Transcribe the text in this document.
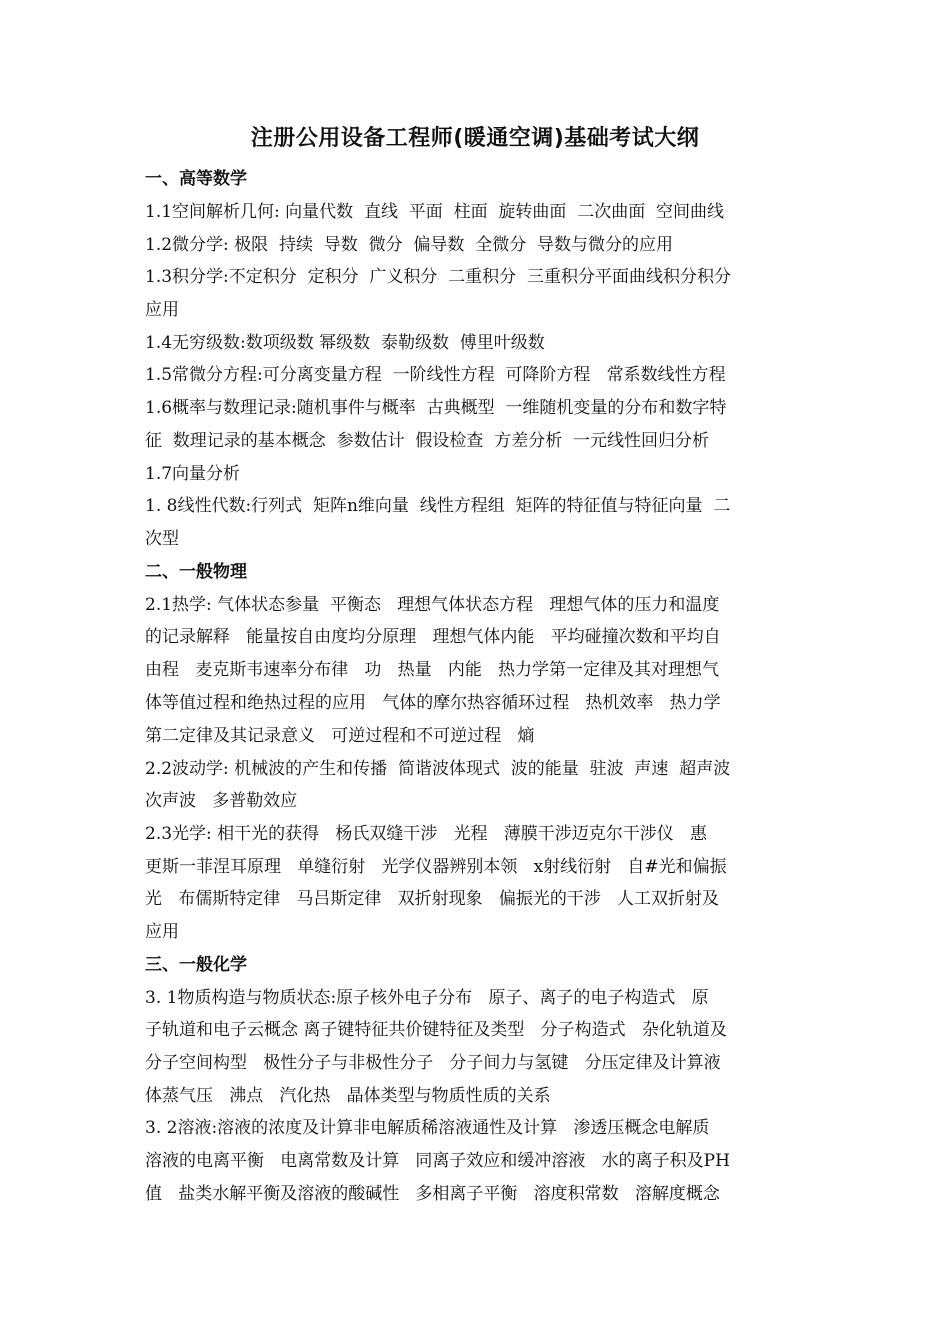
注册公用设备工程师(暖通空调)基础考试大纲

一、高等数学

1.1空间解析几何: 向量代数  直线  平面  柱面  旋转曲面  二次曲面  空间曲线

1.2微分学: 极限  持续  导数  微分  偏导数  全微分  导数与微分的应用

1.3积分学:不定积分  定积分  广义积分  二重积分  三重积分平面曲线积分积分

应用

1.4无穷级数:数项级数 幂级数  泰勒级数  傅里叶级数

1.5常微分方程:可分离变量方程  一阶线性方程  可降阶方程   常系数线性方程

1.6概率与数理记录:随机事件与概率  古典概型  一维随机变量的分布和数字特

征  数理记录的基本概念  参数估计  假设检查  方差分析  一元线性回归分析

1.7向量分析

1. 8线性代数:行列式  矩阵n维向量  线性方程组  矩阵的特征值与特征向量  二

次型

二、一般物理

2.1热学: 气体状态参量  平衡态   理想气体状态方程   理想气体的压力和温度

的记录解释   能量按自由度均分原理   理想气体内能   平均碰撞次数和平均自

由程   麦克斯韦速率分布律   功   热量   内能   热力学第一定律及其对理想气

体等值过程和绝热过程的应用   气体的摩尔热容循环过程   热机效率   热力学

第二定律及其记录意义   可逆过程和不可逆过程   熵

2.2波动学: 机械波的产生和传播  简谐波体现式  波的能量  驻波  声速  超声波

次声波   多普勒效应

2.3光学: 相干光的获得   杨氏双缝干涉   光程   薄膜干涉迈克尔干涉仪   惠

更斯一菲涅耳原理   单缝衍射   光学仪器辨别本领   x射线衍射   自#光和偏振

光   布儒斯特定律   马吕斯定律   双折射现象   偏振光的干涉   人工双折射及

应用

三、一般化学

3. 1物质构造与物质状态:原子核外电子分布   原子、离子的电子构造式   原

子轨道和电子云概念 离子键特征共价键特征及类型   分子构造式   杂化轨道及

分子空间构型   极性分子与非极性分子   分子间力与氢键   分压定律及计算液

体蒸气压   沸点   汽化热   晶体类型与物质性质的关系

3. 2溶液:溶液的浓度及计算非电解质稀溶液通性及计算   渗透压概念电解质

溶液的电离平衡   电离常数及计算   同离子效应和缓冲溶液   水的离子积及PH

值   盐类水解平衡及溶液的酸碱性   多相离子平衡   溶度积常数   溶解度概念
